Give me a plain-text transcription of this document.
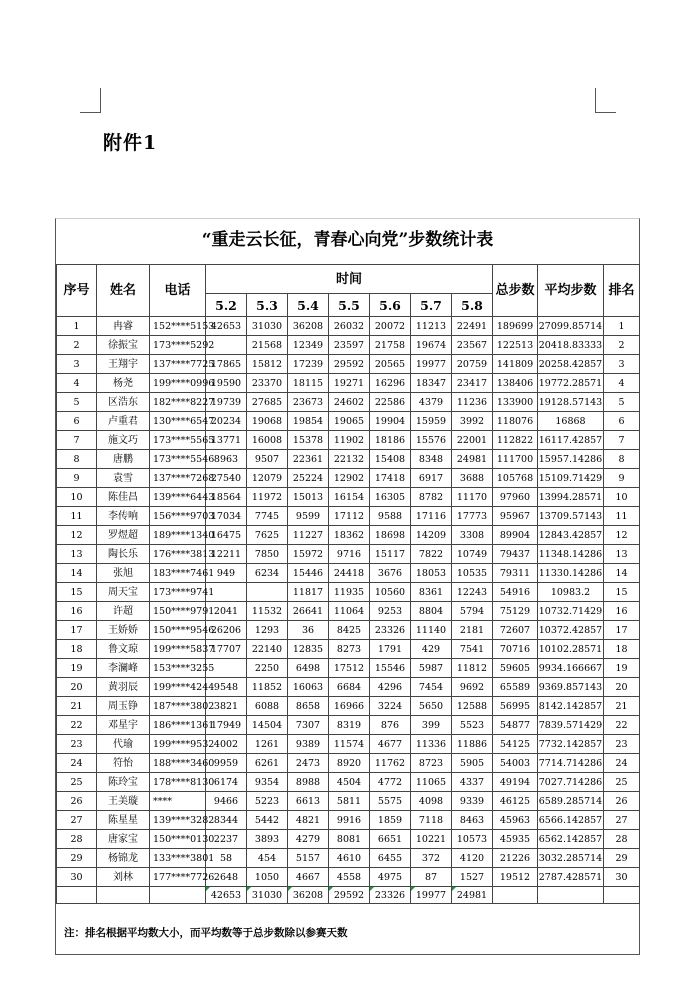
附件1
“重走云长征，青春心向党”步数统计表
序号	姓名	电话	时间							总步数	平均步数	排名
			5.2	5.3	5.4	5.5	5.6	5.7	5.8			
1	冉睿	152****5153	42653	31030	36208	26032	20072	11213	22491	189699	27099.85714	1
2	徐振宝	173****5292		21568	12349	23597	21758	19674	23567	122513	20418.83333	2
3	王翔宇	137****7725	17865	15812	17239	29592	20565	19977	20759	141809	20258.42857	3
4	杨尧	199****0996	19590	23370	18115	19271	16296	18347	23417	138406	19772.28571	4
5	区浩东	182****8227	19739	27685	23673	24602	22586	4379	11236	133900	19128.57143	5
6	卢重君	130****6547	20234	19068	19854	19065	19904	15959	3992	118076	16868	6
7	施文巧	173****5565	13771	16008	15378	11902	18186	15576	22001	112822	16117.42857	7
8	唐鹏	173****5546	8963	9507	22361	22132	15408	8348	24981	111700	15957.14286	8
9	袁雪	137****7268	27540	12079	25224	12902	17418	6917	3688	105768	15109.71429	9
10	陈佳昌	139****6443	18564	11972	15013	16154	16305	8782	11170	97960	13994.28571	10
11	李传响	156****9703	17034	7745	9599	17112	9588	17116	17773	95967	13709.57143	11
12	罗煜超	189****1340	16475	7625	11227	18362	18698	14209	3308	89904	12843.42857	12
13	陶长乐	176****3813	12211	7850	15972	9716	15117	7822	10749	79437	11348.14286	13
14	张旭	183****7461	949	6234	15446	24418	3676	18053	10535	79311	11330.14286	14
15	周天宝	173****9741			11817	11935	10560	8361	12243	54916	10983.2	15
16	许超	150****9791	2041	11532	26641	11064	9253	8804	5794	75129	10732.71429	16
17	王娇娇	150****9546	26206	1293	36	8425	23326	11140	2181	72607	10372.42857	17
18	鲁文琼	199****5837	17707	22140	12835	8273	1791	429	7541	70716	10102.28571	18
19	李澜峰	153****3255		2250	6498	17512	15546	5987	11812	59605	9934.166667	19
20	黄羽辰	199****4244	9548	11852	16063	6684	4296	7454	9692	65589	9369.857143	20
21	周玉铮	187****3802	3821	6088	8658	16966	3224	5650	12588	56995	8142.142857	21
22	邓星宇	186****1361	17949	14504	7307	8319	876	399	5523	54877	7839.571429	22
23	代瑜	199****9532	4002	1261	9389	11574	4677	11336	11886	54125	7732.142857	23
24	符怡	188****3460	9959	6261	2473	8920	11762	8723	5905	54003	7714.714286	24
25	陈玲宝	178****8130	6174	9354	8988	4504	4772	11065	4337	49194	7027.714286	25
26	王美璇	****	9466	5223	6613	5811	5575	4098	9339	46125	6589.285714	26
27	陈星星	139****3282	8344	5442	4821	9916	1859	7118	8463	45963	6566.142857	27
28	唐家宝	150****0130	2237	3893	4279	8081	6651	10221	10573	45935	6562.142857	28
29	杨锦龙	133****3801	58	454	5157	4610	6455	372	4120	21226	3032.285714	29
30	刘林	177****7726	2648	1050	4667	4558	4975	87	1527	19512	2787.428571	30
			42653	31030	36208	29592	23326	19977	24981			
注：排名根据平均数大小，而平均数等于总步数除以参赛天数
